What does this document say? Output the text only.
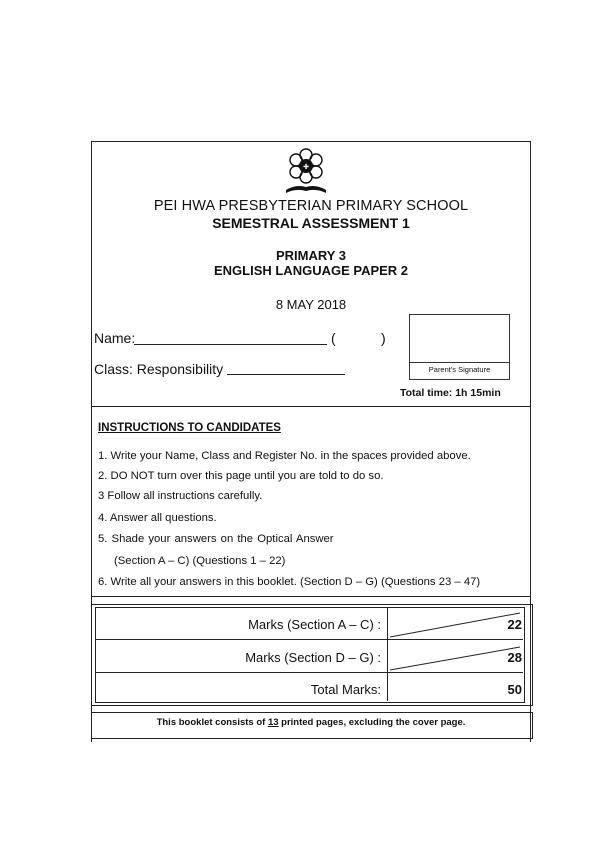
✚
PEI HWA PRESBYTERIAN PRIMARY SCHOOL
SEMESTRAL ASSESSMENT 1
PRIMARY 3
ENGLISH LANGUAGE PAPER 2
8 MAY 2018
Name:	(	)
Class: Responsibility	Parent's Signature
Total time: 1h 15min
INSTRUCTIONS TO CANDIDATES
1. Write your Name, Class and Register No. in the spaces provided above.
2. DO NOT turn over this page until you are told to do so.
3 Follow all instructions carefully.
4. Answer all questions.
5. Shade your answers on the Optical Answer
(Section A – C) (Questions 1 – 22)
6. Write all your answers in this booklet. (Section D – G) (Questions 23 – 47)
Marks (Section A – C) :	22
Marks (Section D – G) :	28
Total Marks:	50
This booklet consists of 13 printed pages, excluding the cover page.
